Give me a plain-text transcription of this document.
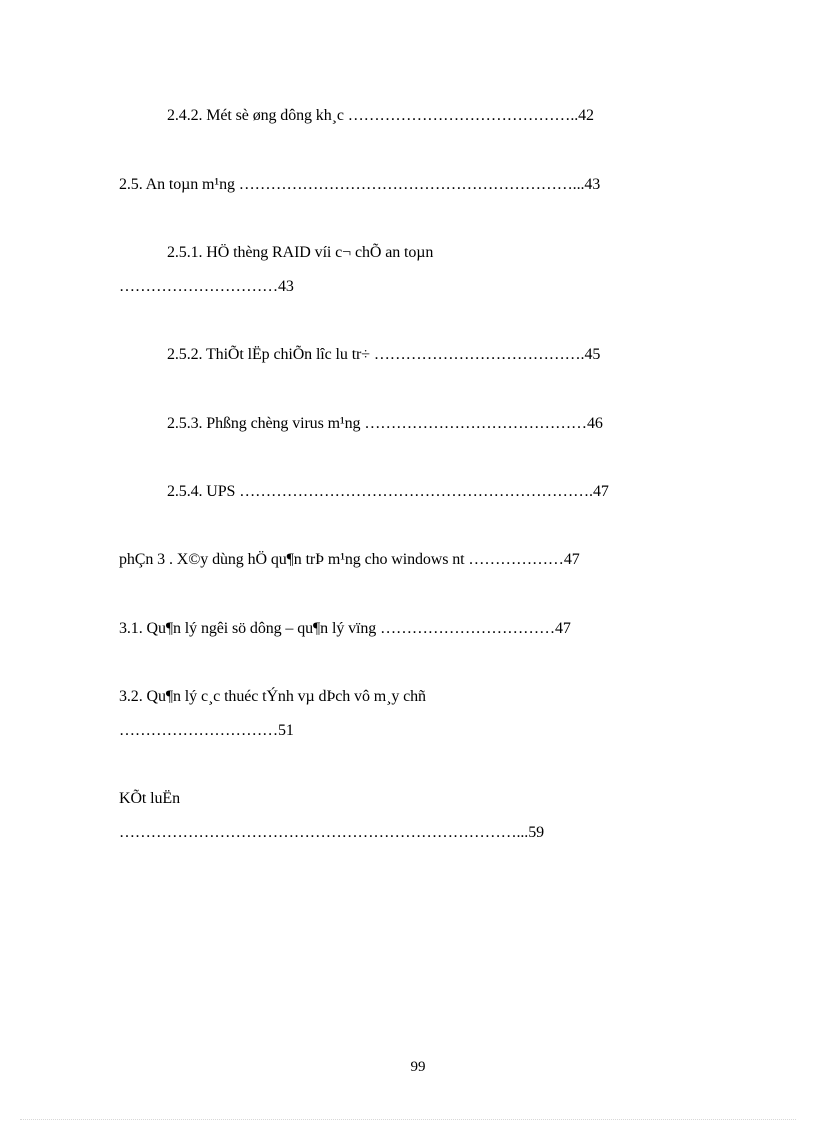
2.4.2. Mét sè øng dông kh¸c ……………………………………..42
2.5. An toµn m¹ng ………………………………………………………...43
2.5.1. HÖ thèng RAID víi c¬ chÕ an toµn
…………………………43
2.5.2. ThiÕt lËp chiÕn lîc lu tr÷ ………………………………….45
2.5.3. Phßng chèng virus m¹ng ……………………………………46
2.5.4. UPS ………………………………………………………….47
phÇn 3 . X©y dùng hÖ qu¶n trÞ m¹ng cho windows nt ………………47
3.1. Qu¶n lý ngêi sö dông – qu¶n lý vïng ……………………………47
3.2. Qu¶n lý c¸c thuéc tÝnh vµ dÞch vô m¸y chñ
…………………………51
KÕt luËn
…………………………………………………………………...59
99
